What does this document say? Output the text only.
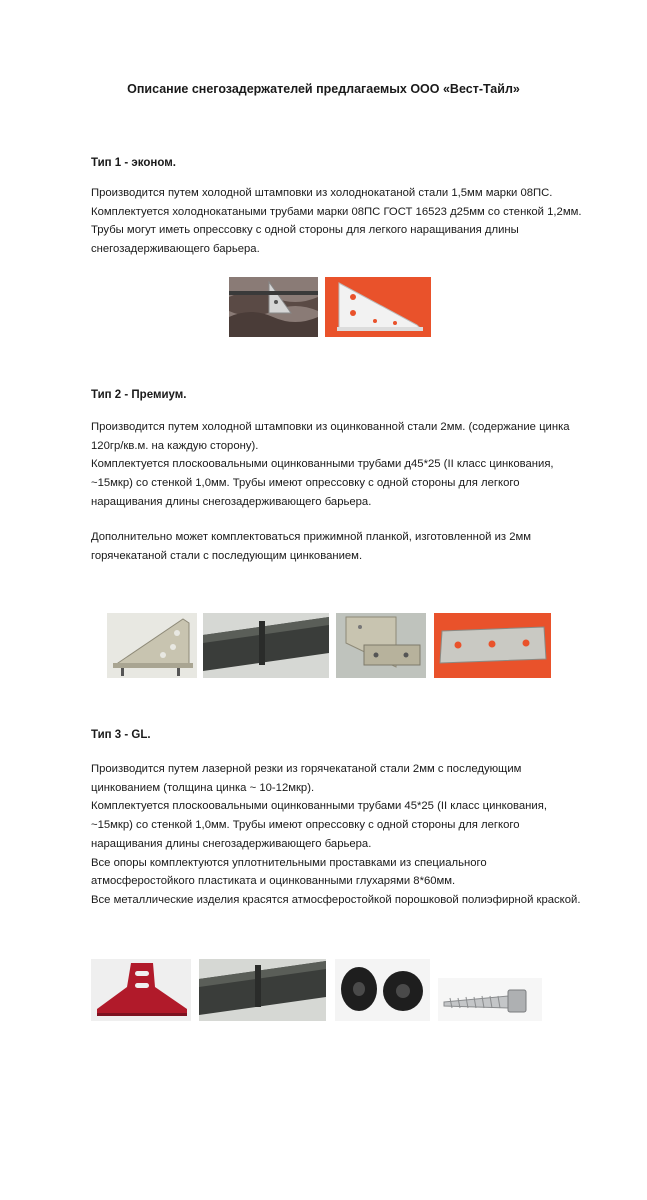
Описание снегозадержателей предлагаемых ООО «Вест-Тайл»
Тип 1 - эконом.
Производится путем холодной штамповки из холоднокатаной стали 1,5мм марки 08ПС.
Комплектуется холоднокатаными трубами марки 08ПС ГОСТ 16523 д25мм со стенкой 1,2мм.
Трубы могут иметь опрессовку с одной стороны для легкого наращивания длины
снегозадерживающего барьера.
Тип 2 - Премиум.
Производится путем холодной штамповки из оцинкованной стали 2мм. (содержание цинка
120гр/кв.м. на каждую сторону).
Комплектуется плоскоовальными оцинкованными трубами д45*25 (II класс цинкования,
~15мкр) со стенкой 1,0мм. Трубы имеют опрессовку с одной стороны для легкого
наращивания длины снегозадерживающего барьера.
Дополнительно может комплектоваться прижимной планкой, изготовленной из 2мм
горячекатаной стали с последующим цинкованием.
Тип 3 - GL.
Производится путем лазерной резки из горячекатаной стали 2мм с последующим
цинкованием (толщина цинка ~ 10-12мкр).
Комплектуется плоскоовальными оцинкованными трубами 45*25 (II класс цинкования,
~15мкр) со стенкой 1,0мм. Трубы имеют опрессовку с одной стороны для легкого
наращивания длины снегозадерживающего барьера.
Все опоры комплектуются уплотнительными проставками из специального
атмосферостойкого пластиката и оцинкованными глухарями 8*60мм.
Все металлические изделия красятся атмосферостойкой порошковой полиэфирной краской.
